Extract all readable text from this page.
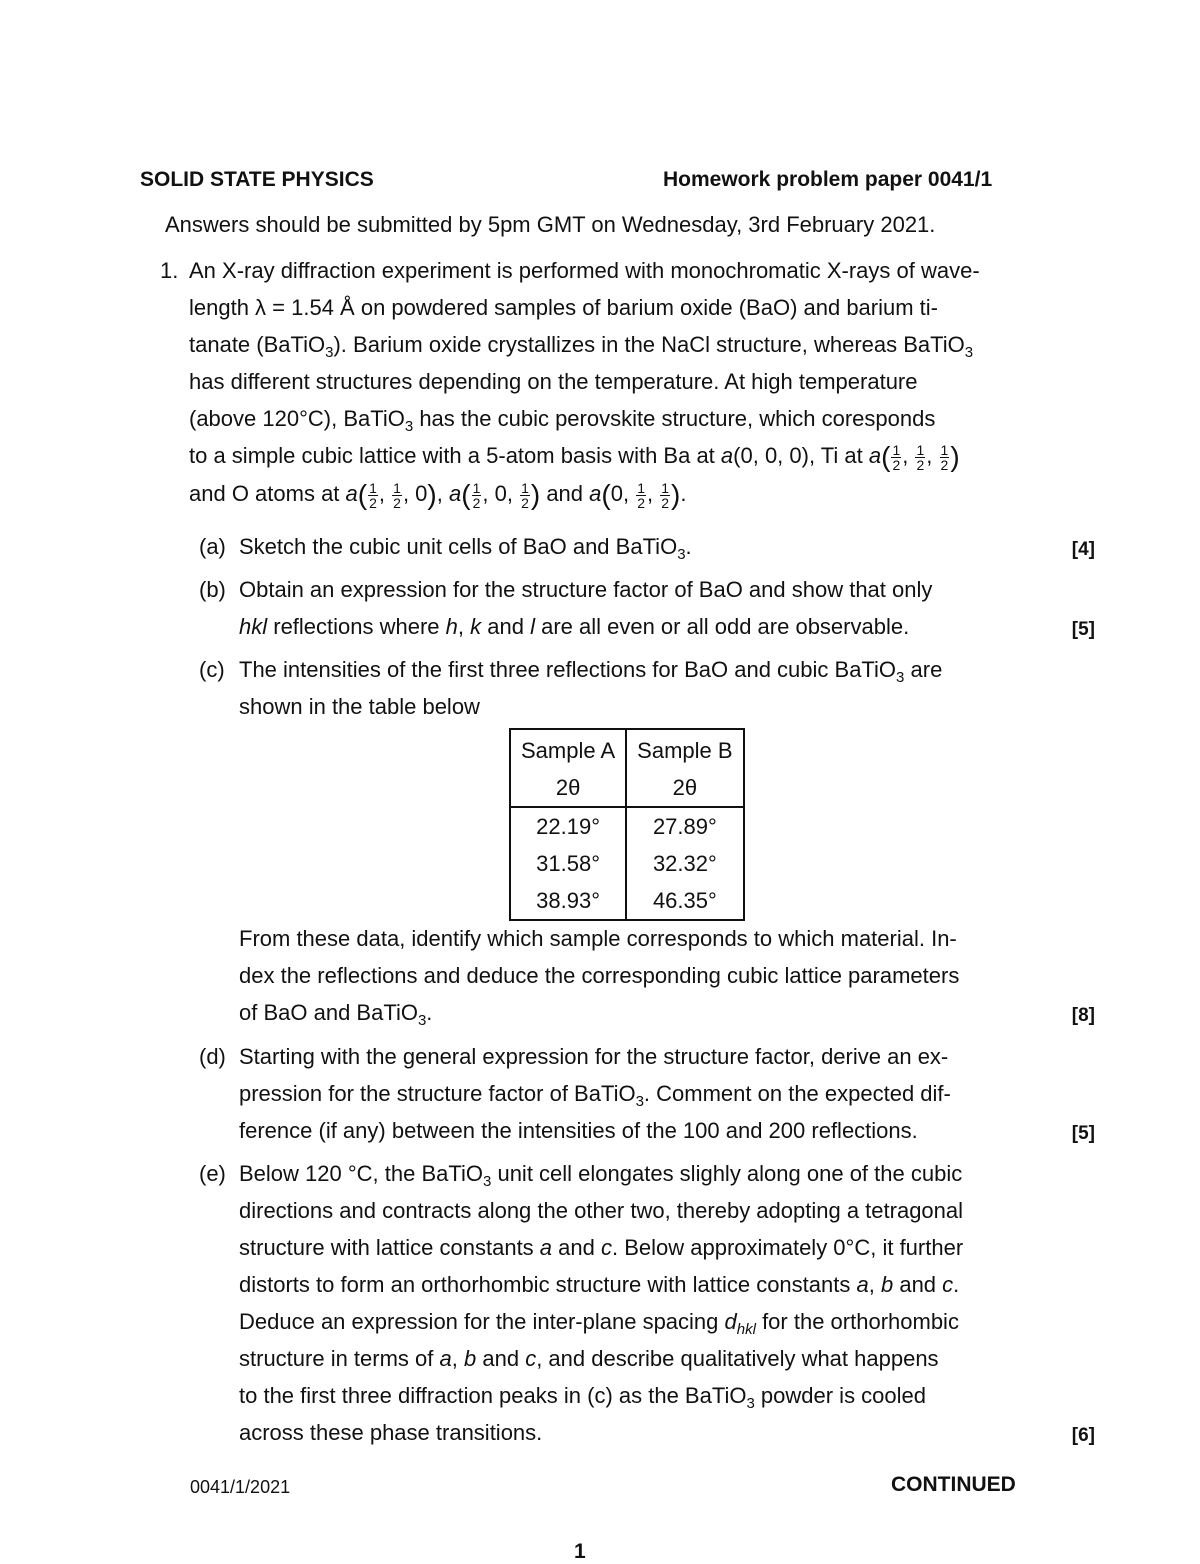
SOLID STATE PHYSICS	Homework problem paper 0041/1
Answers should be submitted by 5pm GMT on Wednesday, 3rd February 2021.
1. An X-ray diffraction experiment is performed with monochromatic X-rays of wave-
length λ = 1.54 Å on powdered samples of barium oxide (BaO) and barium ti-
tanate (BaTiO$_3$). Barium oxide crystallizes in the NaCl structure, whereas BaTiO$_3$
has different structures depending on the temperature. At high temperature
(above 120°C), BaTiO$_3$ has the cubic perovskite structure, which coresponds
to a simple cubic lattice with a 5-atom basis with Ba at a(0, 0, 0), Ti at $a( \frac{1}{2}$ , $\frac{1}{2}$ , $\frac{1}{2}$ )
and O atoms at $a( \frac{1}{2}$ , $\frac{1}{2}$ , 0), $a( \frac{1}{2}$ , 0, $\frac{1}{2}$ ) and a(0, $\frac{1}{2}$ , $\frac{1}{2}$ ).
(a) Sketch the cubic unit cells of BaO and BaTiO$_3$.	[4]
(b) Obtain an expression for the structure factor of BaO and show that only
hkl reflections where h, k and l are all even or all odd are observable.	[5]
(c) The intensities of the first three reflections for BaO and cubic BaTiO$_3$ are
shown in the table below
Sample A	Sample B
2θ	2θ
22.19°	27.89°
31.58°	32.32°
38.93°	46.35°
From these data, identify which sample corresponds to which material. In-
dex the reflections and deduce the corresponding cubic lattice parameters
of BaO and BaTiO$_3$.	[8]
(d) Starting with the general expression for the structure factor, derive an ex-
pression for the structure factor of BaTiO$_3$. Comment on the expected dif-
ference (if any) between the intensities of the 100 and 200 reflections.	[5]
(e) Below 120 °C, the BaTiO$_3$ unit cell elongates slighly along one of the cubic
directions and contracts along the other two, thereby adopting a tetragonal
structure with lattice constants a and c. Below approximately 0°C, it further
distorts to form an orthorhombic structure with lattice constants a, b and c.
Deduce an expression for the inter-plane spacing $d_{hkl}$ for the orthorhombic
structure in terms of a, b and c, and describe qualitatively what happens
to the first three diffraction peaks in (c) as the BaTiO$_3$ powder is cooled
across these phase transitions.	[6]
0041/1/2021	CONTINUED
1
